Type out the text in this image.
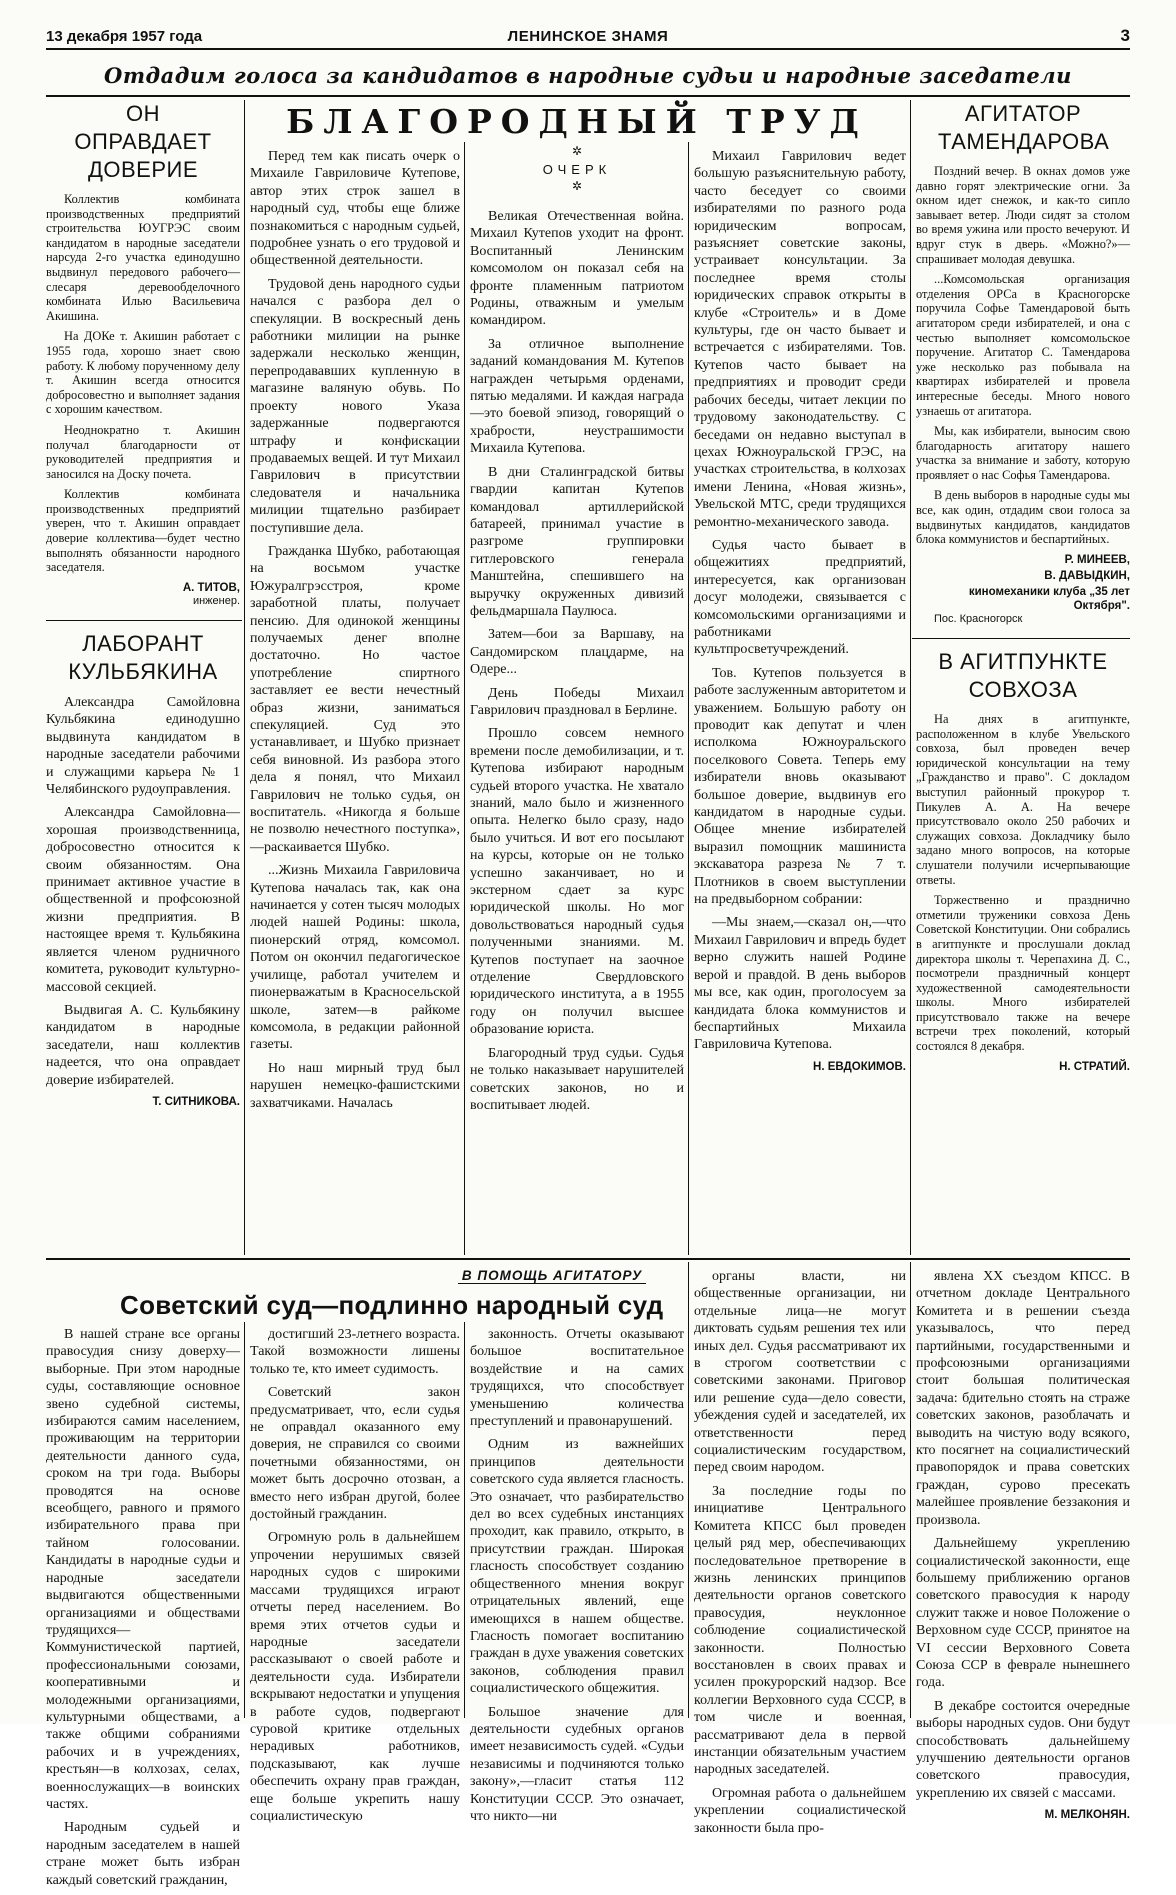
13 декабря 1957 года	ЛЕНИНСКОЕ ЗНАМЯ	3
Отдадим голоса за кандидатов в народные судьи и народные заседатели
ОН ОПРАВДАЕТ ДОВЕРИЕ

Коллектив комбината производственных предприятий строительства ЮУГРЭС своим кандидатом в народные заседатели нарсуда 2-го участка единодушно выдвинул передового рабочего—слесаря деревообделочного комбината Илью Васильевича Акишина.

На ДОКе т. Акишин работает с 1955 года, хорошо знает свою работу. К любому порученному делу т. Акишин всегда относится добросовестно и выполняет задания с хорошим качеством.

Неоднократно т. Акишин получал благодарности от руководителей предприятия и заносился на Доску почета.

Коллектив комбината производственных предприятий уверен, что т. Акишин оправдает доверие коллектива—будет честно выполнять обязанности народного заседателя.

А. ТИТОВ,

инженер.

ЛАБОРАНТ КУЛЬБЯКИНА

Александра Самойловна Кульбякина единодушно выдвинута кандидатом в народные заседатели рабочими и служащими карьера № 1 Челябинского рудоуправления.

Александра Самойловна—хорошая производственница, добросовестно относится к своим обязанностям. Она принимает активное участие в общественной и профсоюзной жизни предприятия. В настоящее время т. Кульбякина является членом рудничного комитета, руководит культурно-массовой секцией.

Выдвигая А. С. Кульбякину кандидатом в народные заседатели, наш коллектив надеется, что она оправдает доверие избирателей.

Т. СИТНИКОВА.

БЛАГОРОДНЫЙ ТРУД
✲
ОЧЕРК
✲

Перед тем как писать очерк о Михаиле Гавриловиче Кутепове, автор этих строк зашел в народный суд, чтобы еще ближе познакомиться с народным судьей, подробнее узнать о его трудовой и общественной деятельности.

Трудовой день народного судьи начался с разбора дел о спекуляции. В воскресный день работники милиции на рынке задержали несколько женщин, перепродававших купленную в магазине валяную обувь. По проекту нового Указа задержанные подвергаются штрафу и конфискации продаваемых вещей. И тут Михаил Гаврилович в присутствии следователя и начальника милиции тщательно разбирает поступившие дела.

Гражданка Шубко, работающая на восьмом участке Южуралгрэсстроя, кроме заработной платы, получает пенсию. Для одинокой женщины получаемых денег вполне достаточно. Но частое употребление спиртного заставляет ее вести нечестный образ жизни, заниматься спекуляцией. Суд это устанавливает, и Шубко признает себя виновной. Из разбора этого дела я понял, что Михаил Гаврилович не только судья, он воспитатель. «Никогда я больше не позволю нечестного поступка»,—раскаивается Шубко.

...Жизнь Михаила Гавриловича Кутепова началась так, как она начинается у сотен тысяч молодых людей нашей Родины: школа, пионерский отряд, комсомол. Потом он окончил педагогическое училище, работал учителем и пионерважатым в Красносельской школе, затем—в райкоме комсомола, в редакции районной газеты.

Но наш мирный труд был нарушен немецко-фашистскими захватчиками. Началась

Великая Отечественная война. Михаил Кутепов уходит на фронт. Воспитанный Ленинским комсомолом он показал себя на фронте пламенным патриотом Родины, отважным и умелым командиром.

За отличное выполнение заданий командования М. Кутепов награжден четырьмя орденами, пятью медалями. И каждая награда—это боевой эпизод, говорящий о храбрости, неустрашимости Михаила Кутепова.

В дни Сталинградской битвы гвардии капитан Кутепов командовал артиллерийской батареей, принимал участие в разгроме группировки гитлеровского генерала Манштейна, спешившего на выручку окруженных дивизий фельдмаршала Паулюса.

Затем—бои за Варшаву, на Сандомирском плацдарме, на Одере...

День Победы Михаил Гаврилович праздновал в Берлине.

Прошло совсем немного времени после демобилизации, и т. Кутепова избирают народным судьей второго участка. Не хватало знаний, мало было и жизненного опыта. Нелегко было сразу, надо было учиться. И вот его посылают на курсы, которые он не только успешно заканчивает, но и экстерном сдает за курс юридической школы. Но мог довольствоваться народный судья полученными знаниями. М. Кутепов поступает на заочное отделение Свердловского юридического института, а в 1955 году он получил высшее образование юриста.

Благородный труд судьи. Судья не только наказывает нарушителей советских законов, но и воспитывает людей.

Михаил Гаврилович ведет большую разъяснительную работу, часто беседует со своими избирателями по разного рода юридическим вопросам, разъясняет советские законы, устраивает консультации. За последнее время столы юридических справок открыты в клубе «Строитель» и в Доме культуры, где он часто бывает и встречается с избирателями. Тов. Кутепов часто бывает на предприятиях и проводит среди рабочих беседы, читает лекции по трудовому законодательству. С беседами он недавно выступал в цехах Южноуральской ГРЭС, на участках строительства, в колхозах имени Ленина, «Новая жизнь», Увельской МТС, среди трудящихся ремонтно-механического завода.

Судья часто бывает в общежитиях предприятий, интересуется, как организован досуг молодежи, связывается с комсомольскими организациями и работниками культпросветучреждений.

Тов. Кутепов пользуется в работе заслуженным авторитетом и уважением. Большую работу он проводит как депутат и член исполкома Южноуральского поселкового Совета. Теперь ему избиратели вновь оказывают большое доверие, выдвинув его кандидатом в народные судьи. Общее мнение избирателей выразил помощник машиниста экскаватора разреза № 7 т. Плотников в своем выступлении на предвыборном собрании:

—Мы знаем,—сказал он,—что Михаил Гаврилович и впредь будет верно служить нашей Родине верой и правдой. В день выборов мы все, как один, проголосуем за кандидата блока коммунистов и беспартийных Михаила Гавриловича Кутепова.

Н. ЕВДОКИМОВ.

АГИТАТОР ТАМЕНДАРОВА

Поздний вечер. В окнах домов уже давно горят электрические огни. За окном идет снежок, и как-то сипло завывает ветер. Люди сидят за столом во время ужина или просто вечеруют. И вдруг стук в дверь. «Можно?»—спрашивает молодая девушка.

...Комсомольская организация отделения ОРСа в Красногорске поручила Софье Тамендаровой быть агитатором среди избирателей, и она с честью выполняет комсомольское поручение. Агитатор С. Тамендарова уже несколько раз побывала на квартирах избирателей и провела интересные беседы. Много нового узнаешь от агитатора.

Мы, как избиратели, выносим свою благодарность агитатору нашего участка за внимание и заботу, которую проявляет о нас Софья Тамендарова.

В день выборов в народные суды мы все, как один, отдадим свои голоса за выдвинутых кандидатов, кандидатов блока коммунистов и беспартийных.

Р. МИНЕЕВ,

В. ДАВЫДКИН,

киномеханики клуба „35 лет Октября".

Пос. Красногорск

В АГИТПУНКТЕ СОВХОЗА

На днях в агитпункте, расположенном в клубе Увельского совхоза, был проведен вечер юридической консультации на тему „Гражданство и право". С докладом выступил районный прокурор т. Пикулев А. А. На вечере присутствовало около 250 рабочих и служащих совхоза. Докладчику было задано много вопросов, на которые слушатели получили исчерпывающие ответы.

Торжественно и празднично отметили труженики совхоза День Советской Конституции. Они собрались в агитпункте и прослушали доклад директора школы т. Черепахина Д. С., посмотрели праздничный концерт художественной самодеятельности школы. Много избирателей присутствовало также на вечере встречи трех поколений, который состоялся 8 декабря.

Н. СТРАТИЙ.

В ПОМОЩЬ АГИТАТОРУ
Советский суд—подлинно народный суд

В нашей стране все органы правосудия снизу доверху—выборные. При этом народные суды, составляющие основное звено судебной системы, избираются самим населением, проживающим на территории деятельности данного суда, сроком на три года. Выборы проводятся на основе всеобщего, равного и прямого избирательного права при тайном голосовании. Кандидаты в народные судьи и народные заседатели выдвигаются общественными организациями и обществами трудящихся—Коммунистической партией, профессиональными союзами, кооперативными и молодежными организациями, культурными обществами, а также общими собраниями рабочих и в учреждениях, крестьян—в колхозах, селах, военнослужащих—в воинских частях.

Народным судьей и народным заседателем в нашей стране может быть избран каждый советский гражданин,

достигший 23-летнего возраста. Такой возможности лишены только те, кто имеет судимость.

Советский закон предусматривает, что, если судья не оправдал оказанного ему доверия, не справился со своими почетными обязанностями, он может быть досрочно отозван, а вместо него избран другой, более достойный гражданин.

Огромную роль в дальнейшем упрочении нерушимых связей народных судов с широкими массами трудящихся играют отчеты перед населением. Во время этих отчетов судьи и народные заседатели рассказывают о своей работе и деятельности суда. Избиратели вскрывают недостатки и упущения в работе судов, подвергают суровой критике отдельных нерадивых работников, подсказывают, как лучше обеспечить охрану прав граждан, еще больше укрепить нашу социалистическую

законность. Отчеты оказывают большое воспитательное воздействие и на самих трудящихся, что способствует уменьшению количества преступлений и правонарушений.

Одним из важнейших принципов деятельности советского суда является гласность. Это означает, что разбирательство дел во всех судебных инстанциях проходит, как правило, открыто, в присутствии граждан. Широкая гласность способствует созданию общественного мнения вокруг отрицательных явлений, еще имеющихся в нашем обществе. Гласность помогает воспитанию граждан в духе уважения советских законов, соблюдения правил социалистического общежития.

Большое значение для деятельности судебных органов имеет независимость судей. «Судьи независимы и подчиняются только закону»,—гласит статья 112 Конституции СССР. Это означает, что никто—ни

органы власти, ни общественные организации, ни отдельные лица—не могут диктовать судьям решения тех или иных дел. Судья рассматривают их в строгом соответствии с советскими законами. Приговор или решение суда—дело совести, убеждения судей и заседателей, их ответственности перед социалистическим государством, перед своим народом.

За последние годы по инициативе Центрального Комитета КПСС был проведен целый ряд мер, обеспечивающих последовательное претворение в жизнь ленинских принципов деятельности органов советского правосудия, неуклонное соблюдение социалистической законности. Полностью восстановлен в своих правах и усилен прокурорский надзор. Все коллегии Верховного суда СССР, в том числе и военная, рассматривают дела в первой инстанции обязательным участием народных заседателей.

Огромная работа о дальнейшем укреплении социалистической законности была про-

явлена XX съездом КПСС. В отчетном докладе Центрального Комитета и в решении съезда указывалось, что перед партийными, государственными и профсоюзными организациями стоит большая политическая задача: бдительно стоять на страже советских законов, разоблачать и выводить на чистую воду всякого, кто посягнет на социалистический правопорядок и права советских граждан, сурово пресекать малейшее проявление беззакония и произвола.

Дальнейшему укреплению социалистической законности, еще большему приближению органов советского правосудия к народу служит также и новое Положение о Верховном суде СССР, принятое на VI сессии Верховного Совета Союза ССР в феврале нынешнего года.

В декабре состоится очередные выборы народных судов. Они будут способствовать дальнейшему улучшению деятельности органов советского правосудия, укреплению их связей с массами.

М. МЕЛКОНЯН.
